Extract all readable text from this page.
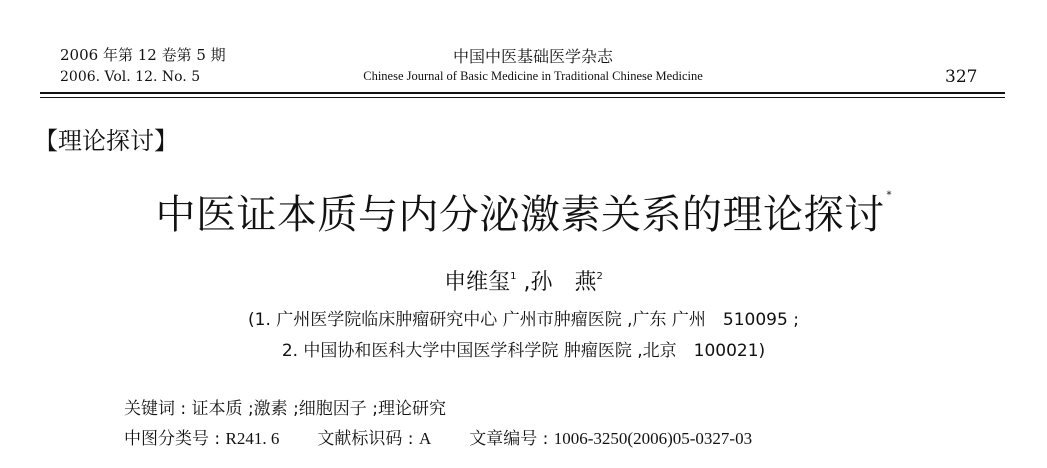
2006 年第 12 卷第 5 期
2006. Vol. 12. No. 5
中国中医基础医学杂志
Chinese Journal of Basic Medicine in Traditional Chinese Medicine	327
【理论探讨】
中医证本质与内分泌激素关系的理论探讨 *
申维玺$^1$ ,孙　燕$^2$
(1. 广州医学院临床肿瘤研究中心 广州市肿瘤医院 ,广东 广州　510095 ;
2. 中国协和医科大学中国医学科学院 肿瘤医院 ,北京　100021)
关键词 : 证本质 ;激素 ;细胞因子 ;理论研究
中图分类号 : R241. 6 文献标识码 : A 文章编号 : 1006-3250(2006)05-0327-03
